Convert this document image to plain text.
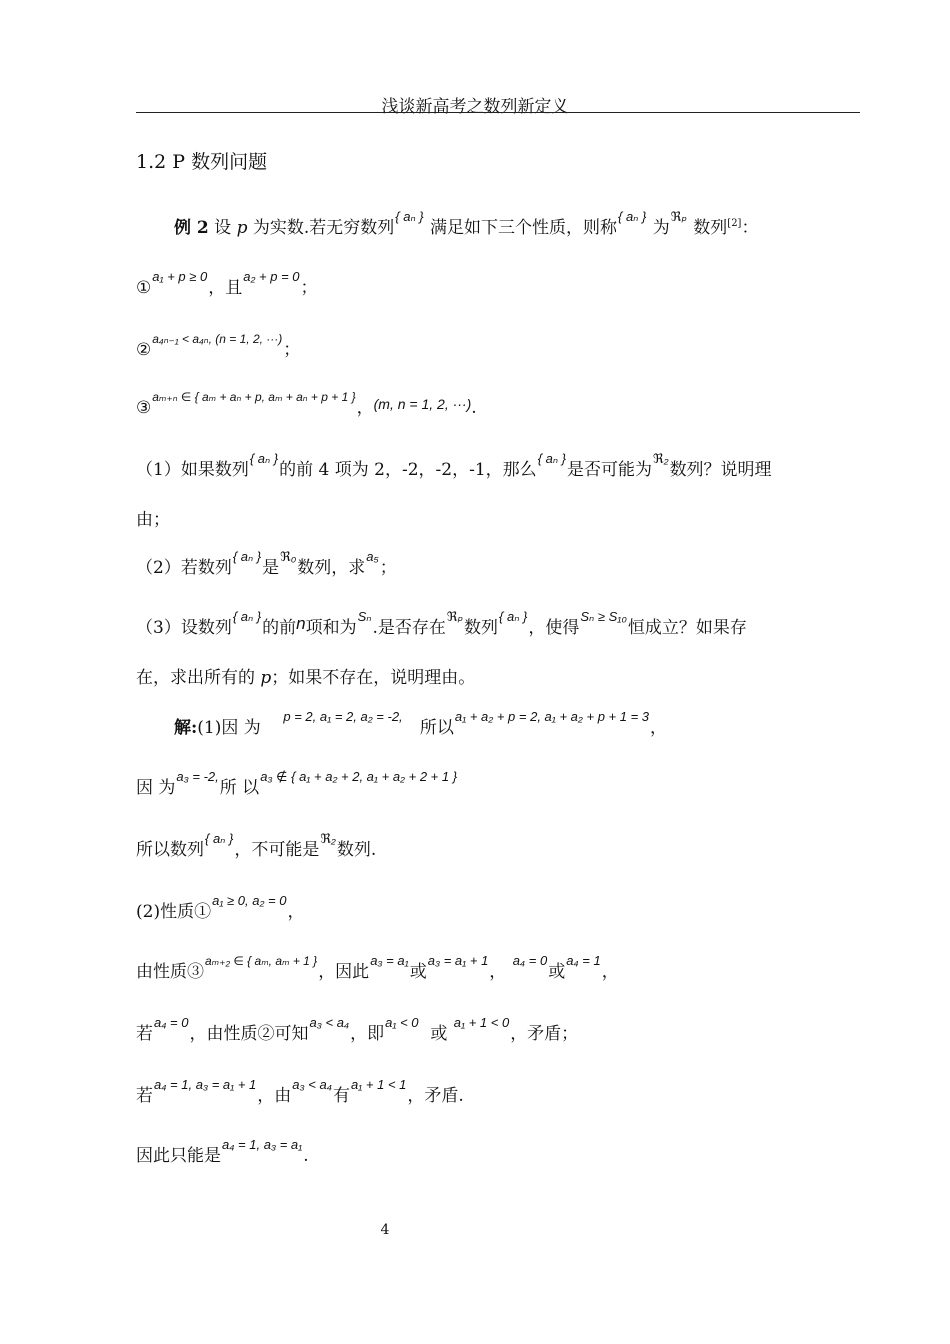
浅谈新高考之数列新定义
1.2 P 数列问题
例 2 设 p 为实数.若无穷数列{ aₙ } 满足如下三个性质，则称{ aₙ } 为ℜₚ 数列[2]：
①a₁ + p ≥ 0，且a₂ + p = 0；
②a₄ₙ₋₁ < a₄ₙ, (n = 1, 2, ···)；
③aₘ₊ₙ ∈ { aₘ + aₙ + p, aₘ + aₙ + p + 1 }，(m, n = 1, 2, ···).
（1）如果数列{ aₙ }的前 4 项为 2，-2，-2，-1，那么{ aₙ }是否可能为ℜ₂数列？说明理
由；
（2）若数列{ aₙ }是ℜ₀数列，求a₅；
（3）设数列{ aₙ }的前n项和为Sₙ.是否存在ℜₚ数列{ aₙ }，使得Sₙ ≥ S₁₀恒成立？如果存
在，求出所有的 p；如果不存在，说明理由。
解:(1)因 为    p = 2, a₁ = 2, a₂ = -2,   所以a₁ + a₂ + p = 2, a₁ + a₂ + p + 1 = 3，
因 为a₃ = -2,所 以a₃ ∉ { a₁ + a₂ + 2, a₁ + a₂ + 2 + 1 }
所以数列{ aₙ }，不可能是ℜ₂数列.
(2)性质①a₁ ≥ 0, a₂ = 0，
由性质③aₘ₊₂ ∈ { aₘ, aₘ + 1 }，因此a₃ = a₁或a₃ = a₁ + 1， a₄ = 0或a₄ = 1，
若a₄ = 0，由性质②可知a₃ < a₄，即a₁ < 0  或 a₁ + 1 < 0，矛盾；
若a₄ = 1, a₃ = a₁ + 1，由a₃ < a₄有a₁ + 1 < 1，矛盾.
因此只能是a₄ = 1, a₃ = a₁.
4
